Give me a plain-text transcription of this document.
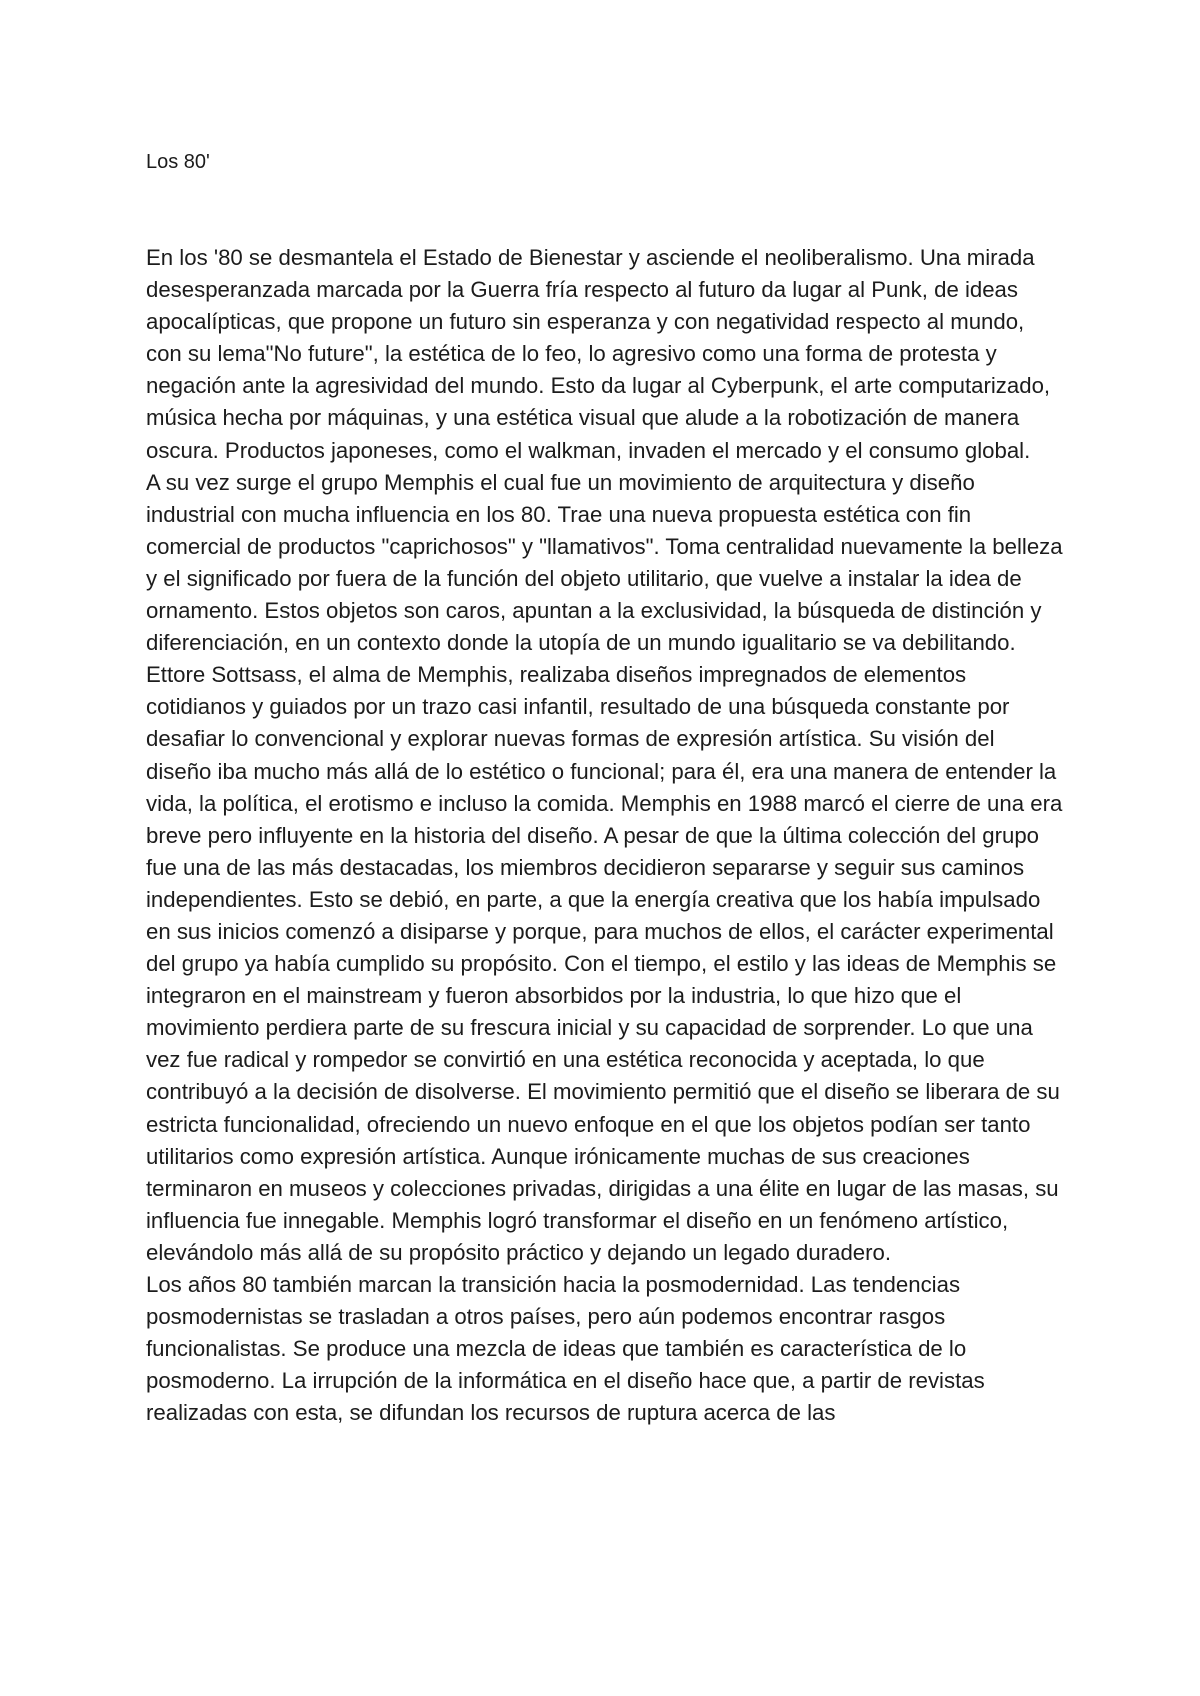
Los 80'

En los '80 se desmantela el Estado de Bienestar y asciende el neoliberalismo. Una mirada desesperanzada marcada por la Guerra fría respecto al futuro da lugar al Punk, de ideas apocalípticas, que propone un futuro sin esperanza y con negatividad respecto al mundo, con su lema"No future", la estética de lo feo, lo agresivo como una forma de protesta y negación ante la agresividad del mundo. Esto da lugar al Cyberpunk, el arte computarizado, música hecha por máquinas, y una estética visual que alude a la robotización de manera oscura. Productos japoneses, como el walkman, invaden el mercado y el consumo global.

A su vez surge el grupo Memphis el cual fue un movimiento de arquitectura y diseño industrial con mucha influencia en los 80. Trae una nueva propuesta estética con fin comercial de productos "caprichosos" y "llamativos". Toma centralidad nuevamente la belleza y el significado por fuera de la función del objeto utilitario, que vuelve a instalar la idea de ornamento. Estos objetos son caros, apuntan a la exclusividad, la búsqueda de distinción y diferenciación, en un contexto donde la utopía de un mundo igualitario se va debilitando. Ettore Sottsass, el alma de Memphis, realizaba diseños impregnados de elementos cotidianos y guiados por un trazo casi infantil, resultado de una búsqueda constante por desafiar lo convencional y explorar nuevas formas de expresión artística. Su visión del diseño iba mucho más allá de lo estético o funcional; para él, era una manera de entender la vida, la política, el erotismo e incluso la comida. Memphis en 1988 marcó el cierre de una era breve pero influyente en la historia del diseño. A pesar de que la última colección del grupo fue una de las más destacadas, los miembros decidieron separarse y seguir sus caminos independientes. Esto se debió, en parte, a que la energía creativa que los había impulsado en sus inicios comenzó a disiparse y porque, para muchos de ellos, el carácter experimental del grupo ya había cumplido su propósito. Con el tiempo, el estilo y las ideas de Memphis se integraron en el mainstream y fueron absorbidos por la industria, lo que hizo que el movimiento perdiera parte de su frescura inicial y su capacidad de sorprender. Lo que una vez fue radical y rompedor se convirtió en una estética reconocida y aceptada, lo que contribuyó a la decisión de disolverse. El movimiento permitió que el diseño se liberara de su estricta funcionalidad, ofreciendo un nuevo enfoque en el que los objetos podían ser tanto utilitarios como expresión artística. Aunque irónicamente muchas de sus creaciones terminaron en museos y colecciones privadas, dirigidas a una élite en lugar de las masas, su influencia fue innegable. Memphis logró transformar el diseño en un fenómeno artístico, elevándolo más allá de su propósito práctico y dejando un legado duradero.

Los años 80 también marcan la transición hacia la posmodernidad. Las tendencias posmodernistas se trasladan a otros países, pero aún podemos encontrar rasgos funcionalistas. Se produce una mezcla de ideas que también es característica de lo posmoderno. La irrupción de la informática en el diseño hace que, a partir de revistas realizadas con esta, se difundan los recursos de ruptura acerca de las
